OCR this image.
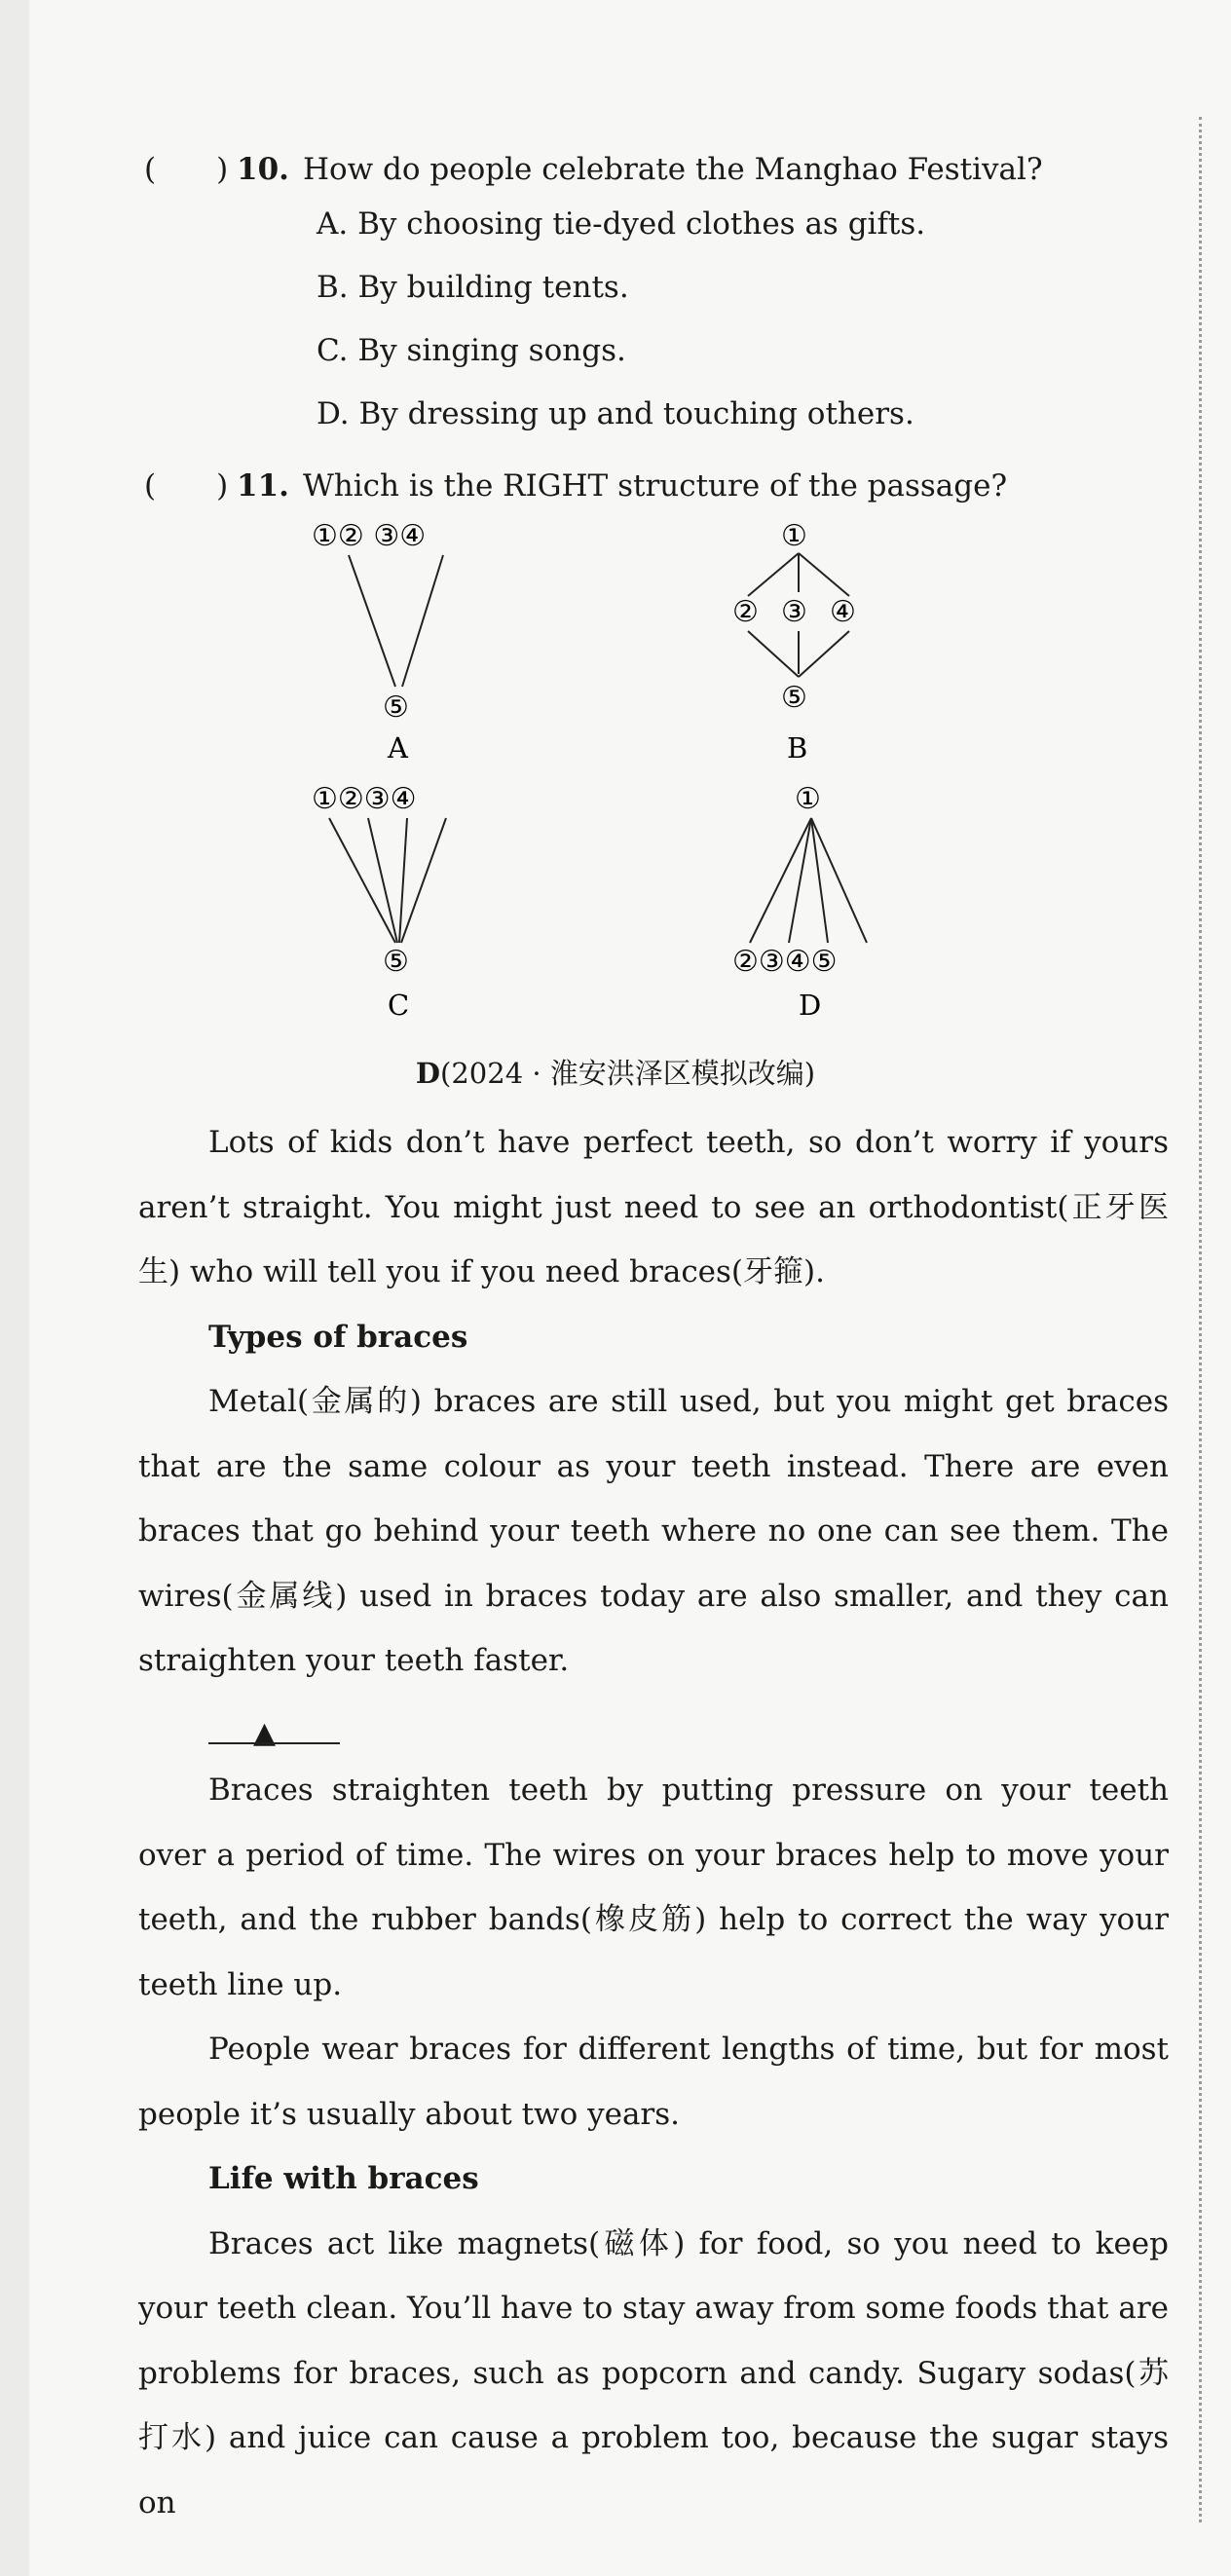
(　　) 10. How do people celebrate the Manghao Festival?
A. By choosing tie-dyed clothes as gifts.
B. By building tents.
C. By singing songs.
D. By dressing up and touching others.
(　　) 11. Which is the RIGHT structure of the passage?
①② ③④
⑤
A
①
② ③ ④
⑤
B
①②③④
⑤
C
①
②③④⑤
D
D(2024 · 淮安洪泽区模拟改编)

Lots of kids don’t have perfect teeth, so don’t worry if yours aren’t straight. You might just need to see an orthodontist(正牙医生) who will tell you if you need braces(牙箍).

Types of braces

Metal(金属的) braces are still used, but you might get braces that are the same colour as your teeth instead. There are even braces that go behind your teeth where no one can see them. The wires(金属线) used in braces today are also smaller, and they can straighten your teeth faster.

▲

Braces straighten teeth by putting pressure on your teeth over a period of time. The wires on your braces help to move your teeth, and the rubber bands(橡皮筋) help to correct the way your teeth line up.

People wear braces for different lengths of time, but for most people it’s usually about two years.

Life with braces

Braces act like magnets(磁体) for food, so you need to keep your teeth clean. You’ll have to stay away from some foods that are problems for braces, such as popcorn and candy. Sugary sodas(苏打水) and juice can cause a problem too, because the sugar stays on
